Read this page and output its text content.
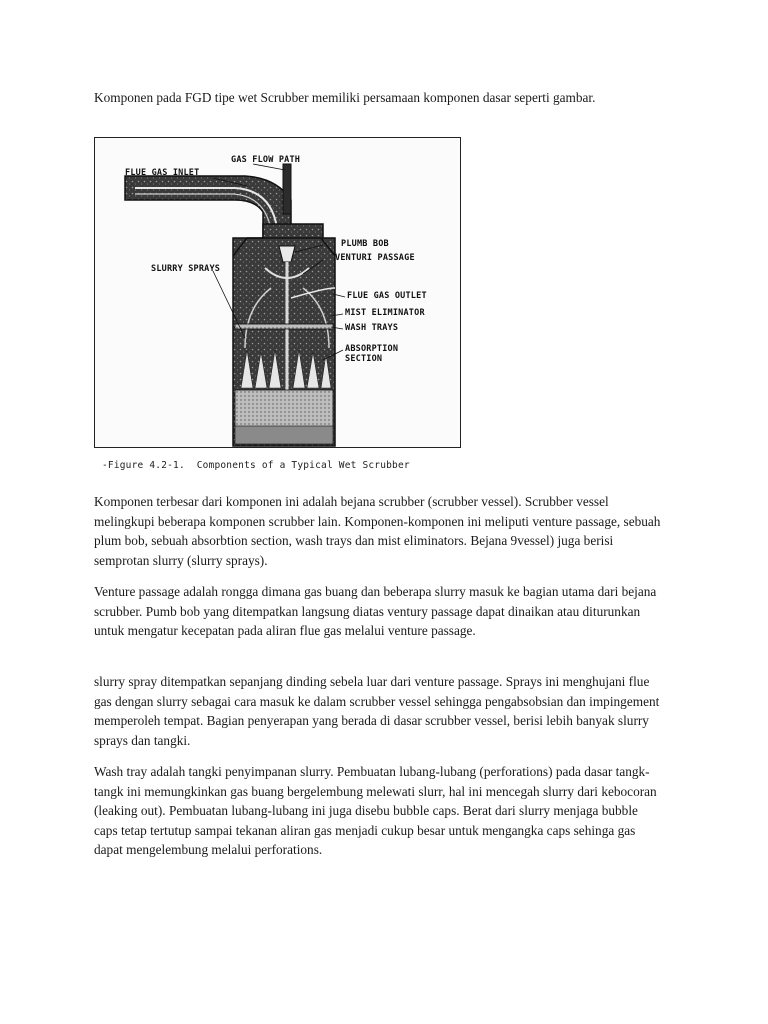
Komponen pada FGD tipe wet Scrubber memiliki persamaan komponen dasar seperti gambar.

GAS FLOW PATH
FLUE GAS INLET
PLUMB BOB
VENTURI PASSAGE
SLURRY SPRAYS
FLUE GAS OUTLET
MIST ELIMINATOR
WASH TRAYS
ABSORPTION
SECTION
-Figure 4.2-1.  Components of a Typical Wet Scrubber

Komponen terbesar dari komponen ini adalah bejana scrubber (scrubber vessel). Scrubber vessel melingkupi beberapa komponen scrubber lain. Komponen-komponen ini meliputi venture passage, sebuah plum bob, sebuah absorbtion section, wash trays dan mist eliminators. Bejana 9vessel) juga berisi semprotan slurry (slurry sprays).

Venture passage adalah rongga dimana gas buang dan beberapa slurry masuk ke bagian utama dari bejana scrubber. Pumb bob yang ditempatkan langsung diatas ventury passage dapat dinaikan atau diturunkan untuk mengatur kecepatan pada aliran flue gas melalui venture passage.

slurry spray ditempatkan sepanjang dinding sebela luar dari venture passage. Sprays ini menghujani flue gas dengan slurry sebagai cara masuk ke dalam scrubber vessel sehingga pengabsobsian dan impingement memperoleh tempat. Bagian penyerapan yang berada di dasar scrubber vessel, berisi lebih banyak slurry sprays dan tangki.

Wash tray adalah tangki penyimpanan slurry. Pembuatan lubang-lubang (perforations) pada dasar tangk-tangk ini memungkinkan gas buang bergelembung melewati slurr, hal ini mencegah slurry dari kebocoran (leaking out). Pembuatan lubang-lubang ini juga disebu bubble caps. Berat dari slurry menjaga bubble caps tetap tertutup sampai tekanan aliran gas menjadi cukup besar untuk mengangka caps sehinga gas dapat mengelembung melalui perforations.
